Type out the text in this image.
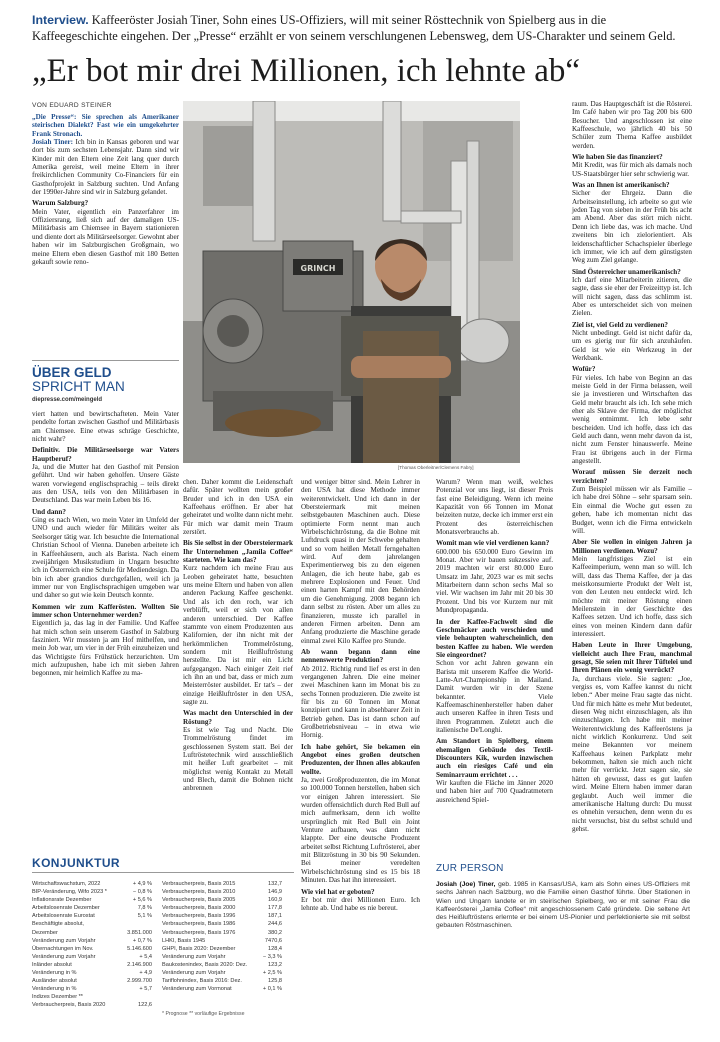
Interview. Kaffeeröster Josiah Tiner, Sohn eines US-Offiziers, will mit seiner Rösttechnik von Spielberg aus in die Kaffeegeschichte eingehen. Der „Presse“ erzählt er von seinem verschlungenen Lebensweg, dem US-Charakter und seinem Geld.
„Er bot mir drei Millionen, ich lehnte ab“
VON EDUARD STEINER

„Die Presse“: Sie sprechen als Amerikaner steirischen Dialekt? Fast wie ein umgekehrter Frank Stronach.
Josiah Tiner: Ich bin in Kansas geboren und war dort bis zum sechsten Lebensjahr. Dann sind wir Kinder mit den Eltern eine Zeit lang quer durch Amerika gereist, weil meine Eltern in ihrer freikirchlichen Community Co-Financiers für ein Gasthofprojekt in Salzburg suchten. Und Anfang der 1990er-Jahre sind wir in Salzburg gelandet.

Warum Salzburg?
Mein Vater, eigentlich ein Panzerfahrer im Offiziersrang, ließ sich auf der damaligen US-Militärbasis am Chiemsee in Bayern stationieren und diente dort als Militärseelsorger. Gewohnt aber haben wir im Salzburgischen Großgmain, wo meine Eltern eben diesen Gasthof mit 180 Betten gekauft sowie reno-

ÜBER GELD
SPRICHT MAN
diepresse.com/meingeld

viert hatten und bewirtschafteten. Mein Vater pendelte fortan zwischen Gasthof und Militärbasis am Chiemsee. Eine etwas schräge Geschichte, nicht wahr?

Definitiv. Die Militärseelsorge war Vaters Hauptberuf?
Ja, und die Mutter hat den Gasthof mit Pension geführt. Und wir haben geholfen. Unsere Gäste waren vorwiegend englischsprachig – teils direkt aus den USA, teils von den Militärbasen in Deutschland. Das war mein Leben bis 16.

Und dann?
Ging es nach Wien, wo mein Vater im Umfeld der UNO und auch wieder für Militärs weiter als Seelsorger tätig war. Ich besuchte die International Christian School of Vienna. Daneben arbeitete ich in Kaffeehäusern, auch als Barista. Nach einem zweijährigen Musikstudium in Ungarn besuchte ich in Österreich eine Schule für Mediendesign. Da bin ich aber grandios durchgefallen, weil ich ja immer nur von Englischsprachigen umgeben war und daher so gut wie kein Deutsch konnte.

Kommen wir zum Kafferösten. Wollten Sie immer schon Unternehmer werden?
Eigentlich ja, das lag in der Familie. Und Kaffee hat mich schon sein unserem Gasthof in Salzburg fasziniert. Wir mussten ja am Hof mithelfen, und mein Job war, um vier in der Früh einzuheizen und das Wichtigste fürs Frühstück herzurichten. Um mich aufzupushen, habe ich mit sieben Jahren begonnen, mir heimlich Kaffee zu ma-

GRINCH
[Thomas Oberleitner/Clemens Fabry]

chen. Daher kommt die Leidenschaft dafür. Später wollten mein großer Bruder und ich in den USA ein Kaffeehaus eröffnen. Er aber hat geheiratet und wollte dann nicht mehr. Für mich war damit mein Traum zerstört.

Bis Sie selbst in der Obersteiermark Ihr Unternehmen „Jamila Coffee“ starteten. Wie kam das?
Kurz nachdem ich meine Frau aus Leoben geheiratet hatte, besuchten uns meine Eltern und haben von allen anderen Packung Kaffee geschenkt. Und als ich den roch, war ich verblüfft, weil er sich von allen anderen unterschied. Der Kaffee stammte von einem Produzenten aus Kalifornien, der ihn nicht mit der herkömmlichen Trommelröstung, sondern mit Heißluftröstung herstellte. Da ist mir ein Licht aufgegangen. Nach einiger Zeit rief ich ihn an und bat, dass er mich zum Meisterröster ausbildet. Er tat's – der einzige Heißluftröster in den USA, sagte zu.

Was macht den Unterschied in der Röstung?
Es ist wie Tag und Nacht. Die Trommelröstung findet im geschlossenen System statt. Bei der Luftröstetechnik wird ausschließlich mit heißer Luft gearbeitet – mit möglichst wenig Kontakt zu Metall und Blech, damit die Bohnen nicht anbrennen

und weniger bitter sind. Mein Lehrer in den USA hat diese Methode immer weiterentwickelt. Und ich dann in der Obersteiermark mit meinen selbstgebauten Maschinen auch. Diese optimierte Form nennt man auch Wirbelschichtröstung, da die Bohne mit Luftdruck quasi in der Schwebe gehalten und so vom heißen Metall ferngehalten wird. Auf dem jahrelangen Experimentierweg bis zu den eigenen Anlagen, die ich heute habe, gab es mehrere Explosionen und Feuer. Und einen harten Kampf mit den Behörden um die Genehmigung. 2008 begann ich dann selbst zu rösten. Aber um alles zu finanzieren, musste ich parallel in anderen Firmen arbeiten. Denn am Anfang produzierte die Maschine gerade einmal zwei Kilo Kaffee pro Stunde.

Ab wann begann dann eine nennenswerte Produktion?
Ab 2012. Richtig rund lief es erst in den vergangenen Jahren. Die eine meiner zwei Maschinen kann im Monat bis zu sechs Tonnen produzieren. Die zweite ist für bis zu 60 Tonnen im Monat konzipiert und kann in absehbarer Zeit in Betrieb gehen. Das ist dann schon auf Großbetriebsniveau – in etwa wie Hornig.

Ich habe gehört, Sie bekamen ein Angebot eines großen deutschen Produzenten, der Ihnen alles abkaufen wollte.
Ja, zwei Großproduzenten, die im Monat so 100.000 Tonnen herstellen, haben sich vor einigen Jahren interessiert. Sie wurden offensichtlich durch Red Bull auf mich aufmerksam, denn ich wollte ursprünglich mit Red Bull ein Joint Venture aufbauen, was dann nicht klappte. Der eine deutsche Produzent arbeitet selbst Richtung Luftrösterei, aber mit Blitzröstung in 30 bis 90 Sekunden. Bei meiner veredelten Wirbelschichtröstung sind es 15 bis 18 Minuten. Das hat ihn interessiert.

Wie viel hat er geboten?
Er bot mir drei Millionen Euro. Ich lehnte ab. Und habe es nie bereut.

Warum? Wenn man weiß, welches Potenzial vor uns liegt, ist dieser Preis fast eine Beleidigung. Wenn ich meine Kapazität von 66 Tonnen im Monat beizeiten nutze, decke ich immer erst ein Prozent des österreichischen Monatsverbrauchs ab.

Womit man wie viel verdienen kann?
600.000 bis 650.000 Euro Gewinn im Monat. Aber wir bauen sukzessive auf. 2019 machten wir erst 80.000 Euro Umsatz im Jahr, 2023 war es mit sechs Mitarbeitern dann schon sechs Mal so viel. Wir wachsen im Jahr mit 20 bis 30 Prozent. Und bis vor Kurzem nur mit Mundpropaganda.

In der Kaffee-Fachwelt sind die Geschmäcker auch verschieden und viele behaupten wahrscheinlich, den besten Kaffee zu haben. Wie werden Sie eingeordnet?
Schon vor acht Jahren gewann ein Barista mit unserem Kaffee die World-Latte-Art-Championship in Mailand. Damit wurden wir in der Szene bekannter. Viele Kaffeemaschinenhersteller haben daher auch unseren Kaffee in ihren Tests und ihren Programmen. Zuletzt auch die italienische De'Longhi.

Am Standort in Spielberg, einem ehemaligen Gebäude des Textil-Discounters Kik, wurden inzwischen auch ein riesiges Café und ein Seminarraum errichtet . . .
Wir kauften die Fläche im Jänner 2020 und haben hier auf 700 Quadratmetern ausreichend Spiel-

ZUR PERSON
Josiah (Joe) Tiner, geb. 1985 in Kansas/USA, kam als Sohn eines US-Offiziers mit sechs Jahren nach Salzburg, wo die Familie einen Gasthof führte. Über Stationen in Wien und Ungarn landete er im steirischen Spielberg, wo er mit seiner Frau die Kaffeerösterei „Jamila Coffee“ mit angeschlossenem Café gründete. Die seltene Art des Heißluftröstens erlernte er bei einem US-Pionier und perfektionierte sie mit selbst gebauten Röstmaschinen.

raum. Das Hauptgeschäft ist die Rösterei. Im Café haben wir pro Tag 200 bis 600 Besucher. Und angeschlossen ist eine Kaffeeschule, wo jährlich 40 bis 50 Schüler zum Thema Kaffee ausbildet werden.

Wie haben Sie das finanziert?
Mit Kredit, was für mich als damals noch US-Staatsbürger hier sehr schwierig war.

Was an Ihnen ist amerikanisch?
Sicher der Ehrgeiz. Dann die Arbeitseinstellung, ich arbeite so gut wie jeden Tag von sieben in der Früh bis acht am Abend. Aber das stört mich nicht. Denn ich liebe das, was ich mache. Und zweitens bin ich zielorientiert. Als leidenschaftlicher Schachspieler überlege ich immer, wie ich auf dem günstigsten Weg zum Ziel gelange.

Sind Österreicher unamerikanisch?
Ich darf eine Mitarbeiterin zitieren, die sagte, dass sie eher der Freizeittyp ist. Ich will nicht sagen, dass das schlimm ist. Aber es unterscheidet sich von meinen Zielen.

Ziel ist, viel Geld zu verdienen?
Nicht unbedingt. Geld ist nicht dafür da, um es gierig nur für sich anzuhäufen. Geld ist wie ein Werkzeug in der Werkbank.

Wofür?
Für vieles. Ich habe von Beginn an das meiste Geld in der Firma belassen, weil sie ja investieren und Wirtschaften das Geld mehr braucht als ich. Ich sehe mich eher als Sklave der Firma, der möglichst wenig entnimmt. Ich lebe sehr bescheiden. Und ich hoffe, dass ich das Geld auch dann, wenn mehr davon da ist, nicht zum Fenster hinauswerfe. Meine Frau ist übrigens auch in der Firma angestellt.

Worauf müssen Sie derzeit noch verzichten?
Zum Beispiel müssen wir als Familie – ich habe drei Söhne – sehr sparsam sein. Ein einmal die Woche gut essen zu gehen, habe ich momentan nicht das Budget, wenn ich die Firma entwickeln will.

Aber Sie wollen in einigen Jahren ja Millionen verdienen. Wozu?
Mein langfristiges Ziel ist ein Kaffeeimperium, wenn man so will. Ich will, dass das Thema Kaffee, der ja das meistkonsumierte Produkt der Welt ist, von den Leuten neu entdeckt wird. Ich möchte mit meiner Röstung einen Meilenstein in der Geschichte des Kaffees setzen. Und ich hoffe, dass sich eines von meinen Kindern dann dafür interessiert.

Haben Leute in Ihrer Umgebung, vielleicht auch Ihre Frau, manchmal gesagt, Sie seien mit Ihrer Tüftelei und Ihren Plänen ein wenig verrückt?
Ja, durchaus viele. Sie sagten: „Joe, vergiss es, vom Kaffee kannst du nicht leben.“ Aber meine Frau sagte das nicht. Und für mich hätte es mehr Mut bedeutet, diesen Weg nicht einzuschlagen, als ihn einzuschlagen. Ich habe mit meiner Weiterentwicklung des Kaffeeröstens ja nicht wirklich Konkurrenz. Und seit meine Bekannten vor meinem Kaffeehaus keinen Parkplatz mehr bekommen, halten sie mich auch nicht mehr für verrückt. Jetzt sagen sie, sie hätten eh gewusst, dass es gut laufen wird. Meine Eltern haben immer daran geglaubt. Auch weil immer die amerikanische Haltung durch: Du musst es ohnehin versuchen, denn wenn du es nicht versuchst, bist du selbst schuld und gehst.

KONJUNKTUR
Wirtschaftswachstum, 2022	+ 4,9 %
BIP-Veränderung, Wifo 2023 *	− 0,8 %
Inflationsrate Dezember	+ 5,6 %
Arbeitslosenrate Dezember	7,8 %
Arbeitslosenrate Eurostat	5,1 %
Beschäftigte absolut,
Dezember	3.851.000
Veränderung zum Vorjahr	+ 0,7 %
Übernachtungen im Nov.	5.146.600
Veränderung zum Vorjahr	+ 5,4
Inländer absolut	2.146.900
Veränderung in %	+ 4,9
Ausländer absolut	2.999.700
Veränderung in %	+ 5,7
Indizes Dezember **
Verbraucherpreis, Basis 2020	122,6
Verbraucherpreis, Basis 2015	132,7
Verbraucherpreis, Basis 2010	146,9
Verbraucherpreis, Basis 2005	160,9
Verbraucherpreis, Basis 2000	177,8
Verbraucherpreis, Basis 1996	187,1
Verbraucherpreis, Basis 1986	244,6
Verbraucherpreis, Basis 1976	380,2
LHKI, Basis 1945	7470,6
GHPI, Basis 2020: Dezember	128,4
Veränderung zum Vorjahr	− 3,3 %
Baukostenindex, Basis 2020: Dez.	123,2
Veränderung zum Vorjahr	+ 2,5 %
Tariflohnindex, Basis 2016: Dez.	125,8
Veränderung zum Vormonat	+ 0,1 %
* Prognose ** vorläufige Ergebnisse
